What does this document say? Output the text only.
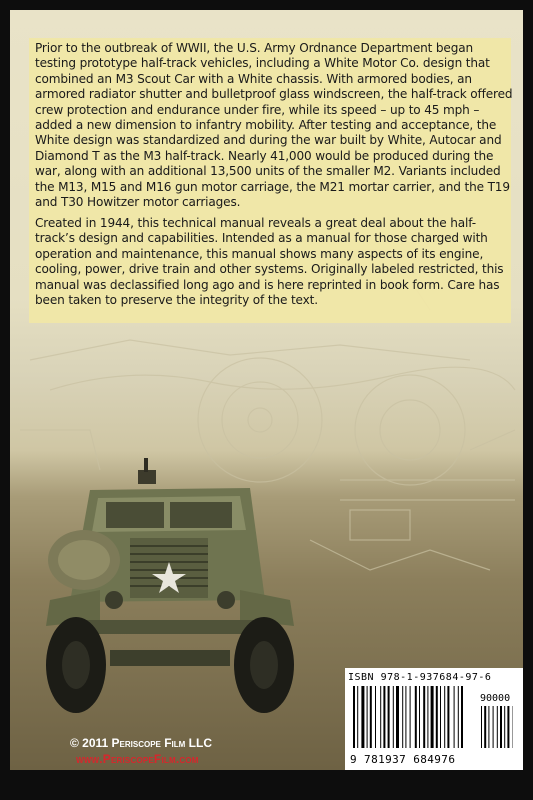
Prior to the outbreak of WWII, the U.S. Army Ordnance Department began testing prototype half-track vehicles, including a White Motor Co. design that combined an M3 Scout Car with a White chassis. With armored bodies, an armored radiator shutter and bulletproof glass windscreen, the half-track offered crew protection and endurance under fire, while its speed – up to 45 mph – added a new dimension to infantry mobility. After testing and acceptance, the White design was standardized and during the war built by White, Autocar and Diamond T as the M3 half-track. Nearly 41,000 would be produced during the war, along with an additional 13,500 units of the smaller M2. Variants included the M13, M15 and M16 gun motor carriage, the M21 mortar carrier, and the T19 and T30 Howitzer motor carriages.

Created in 1944, this technical manual reveals a great deal about the half-track’s design and capabilities. Intended as a manual for those charged with operation and maintenance, this manual shows many aspects of its engine, cooling, power, drive train and other systems. Originally labeled restricted, this manual was declassified long ago and is here reprinted in book form. Care has been taken to preserve the integrity of the text.

ISBN 978-1-937684-97-6
90000
9 781937 684976
© 2011 Periscope Film LLC
www.PeriscopeFilm.com
